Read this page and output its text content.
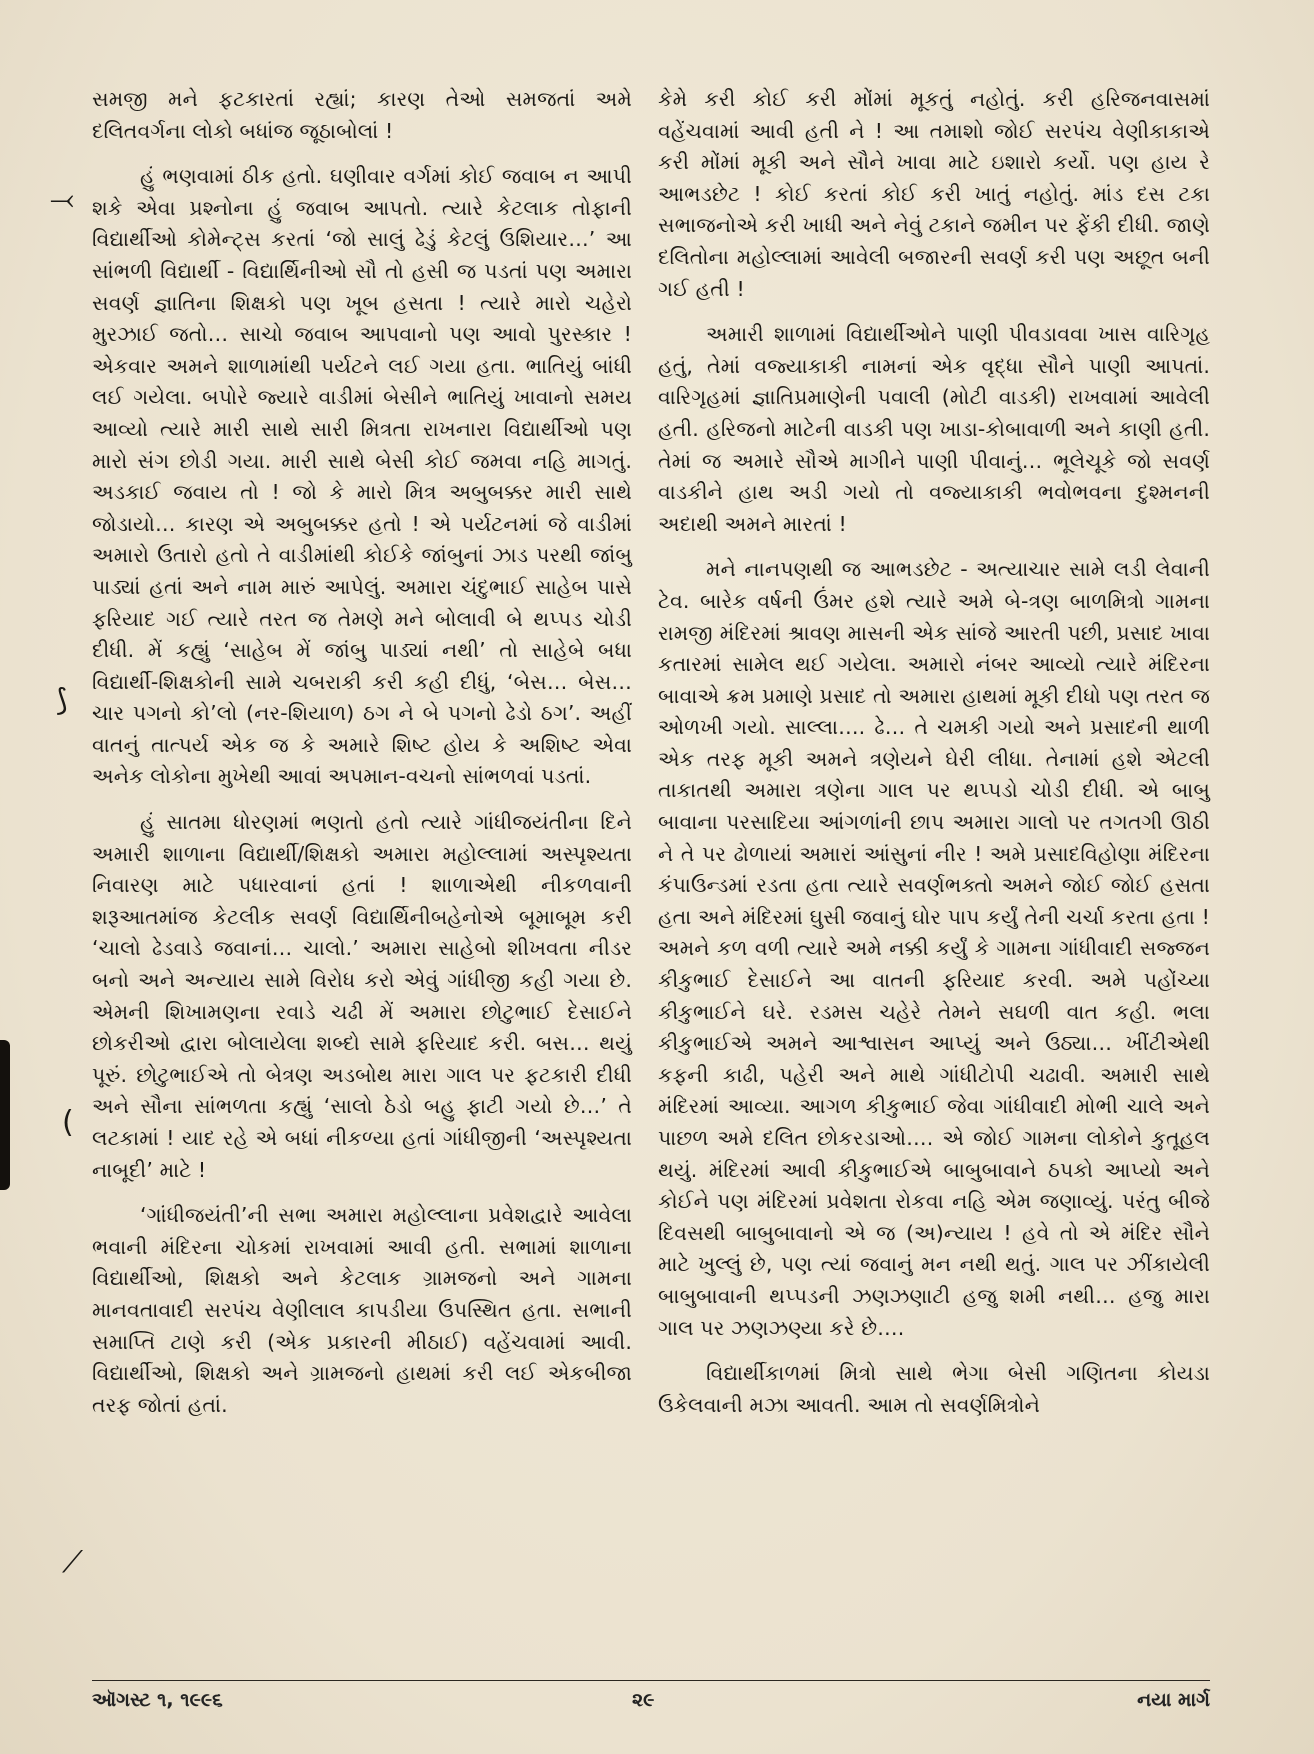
⤙
⟆
(
⟋

સમજી મને ફટકારતાં રહ્યાં; કારણ તેઓ સમજતાં અમે દલિતવર્ગના લોકો બધાંજ જૂઠાબોલાં !

હું ભણવામાં ઠીક હતો. ઘણીવાર વર્ગમાં કોઈ જવાબ ન આપી શકે એવા પ્રશ્નોના હું જવાબ આપતો. ત્યારે કેટલાક તોફાની વિદ્યાર્થીઓ કોમેન્ટ્સ કરતાં ‘જો સાલું ઢેડું કેટલું ઉશિયાર…’ આ સાંભળી વિદ્યાર્થી - વિદ્યાર્થિનીઓ સૌ તો હસી જ પડતાં પણ અમારા સવર્ણ જ્ઞાતિના શિક્ષકો પણ ખૂબ હસતા ! ત્યારે મારો ચહેરો મુરઝાઈ જતો… સાચો જવાબ આપવાનો પણ આવો પુરસ્કાર ! એકવાર અમને શાળામાંથી પર્યટને લઈ ગયા હતા. ભાતિયું બાંધી લઈ ગયેલા. બપોરે જ્યારે વાડીમાં બેસીને ભાતિયું ખાવાનો સમય આવ્યો ત્યારે મારી સાથે સારી મિત્રતા રાખનારા વિદ્યાર્થીઓ પણ મારો સંગ છોડી ગયા. મારી સાથે બેસી કોઈ જમવા નહિ માગતું. અડકાઈ જવાય તો ! જો કે મારો મિત્ર અબુબક્કર મારી સાથે જોડાયો… કારણ એ અબુબક્કર હતો ! એ પર્યટનમાં જે વાડીમાં અમારો ઉતારો હતો તે વાડીમાંથી કોઈકે જાંબુનાં ઝાડ પરથી જાંબુ પાડ્યાં હતાં અને નામ મારું આપેલું. અમારા ચંદુભાઈ સાહેબ પાસે ફરિયાદ ગઈ ત્યારે તરત જ તેમણે મને બોલાવી બે થપ્પડ ચોડી દીધી. મેં કહ્યું ‘સાહેબ મેં જાંબુ પાડ્યાં નથી’ તો સાહેબે બધા વિદ્યાર્થી-શિક્ષકોની સામે ચબરાકી કરી કહી દીધું, ‘બેસ… બેસ… ચાર પગનો કો’લો (નર-શિયાળ) ઠગ ને બે પગનો ઢેડો ઠગ’. અહીં વાતનું તાત્પર્ય એક જ કે અમારે શિષ્ટ હોય કે અશિષ્ટ એવા અનેક લોકોના મુખેથી આવાં અપમાન-વચનો સાંભળવાં પડતાં.

હું સાતમા ધોરણમાં ભણતો હતો ત્યારે ગાંધીજયંતીના દિને અમારી શાળાના વિદ્યાર્થી/શિક્ષકો અમારા મહોલ્લામાં અસ્પૃશ્યતા નિવારણ માટે પધારવાનાં હતાં ! શાળાએથી નીકળવાની શરૂઆતમાંજ કેટલીક સવર્ણ વિદ્યાર્થિનીબહેનોએ બૂમાબૂમ કરી ‘ચાલો ઢેડવાડે જવાનાં… ચાલો.’ અમારા સાહેબો શીખવતા નીડર બનો અને અન્યાય સામે વિરોધ કરો એવું ગાંધીજી કહી ગયા છે. એમની શિખામણના રવાડે ચઢી મેં અમારા છોટુભાઈ દેસાઈને છોકરીઓ દ્વારા બોલાયેલા શબ્દો સામે ફરિયાદ કરી. બસ… થયું પૂરું. છોટુભાઈએ તો બેત્રણ અડબોથ મારા ગાલ પર ફટકારી દીધી અને સૌના સાંભળતા કહ્યું ‘સાલો ઠેડો બહુ ફાટી ગયો છે…’ તે લટકામાં ! યાદ રહે એ બધાં નીકળ્યા હતાં ગાંધીજીની ‘અસ્પૃશ્યતા નાબૂદી’ માટે !

‘ગાંધીજયંતી’ની સભા અમારા મહોલ્લાના પ્રવેશદ્વારે આવેલા ભવાની મંદિરના ચોકમાં રાખવામાં આવી હતી. સભામાં શાળાના વિદ્યાર્થીઓ, શિક્ષકો અને કેટલાક ગ્રામજનો અને ગામના માનવતાવાદી સરપંચ વેણીલાલ કાપડીયા ઉપસ્થિત હતા. સભાની સમાપ્તિ ટાણે કરી (એક પ્રકારની મીઠાઈ) વહેંચવામાં આવી. વિદ્યાર્થીઓ, શિક્ષકો અને ગ્રામજનો હાથમાં કરી લઈ એકબીજા તરફ જોતાં હતાં.

કેમે કરી કોઈ કરી મોંમાં મૂકતું નહોતું. કરી હરિજનવાસમાં વહેંચવામાં આવી હતી ને ! આ તમાશો જોઈ સરપંચ વેણીકાકાએ કરી મોંમાં મૂકી અને સૌને ખાવા માટે ઇશારો કર્યો. પણ હાય રે આભડછેટ ! કોઈ કરતાં કોઈ કરી ખાતું નહોતું. માંડ દસ ટકા સભાજનોએ કરી ખાધી અને નેવું ટકાને જમીન પર ફેંકી દીધી. જાણે દલિતોના મહોલ્લામાં આવેલી બજારની સવર્ણ કરી પણ અછૂત બની ગઈ હતી !

અમારી શાળામાં વિદ્યાર્થીઓને પાણી પીવડાવવા ખાસ વારિગૃહ હતું, તેમાં વજ્યાકાકી નામનાં એક વૃદ્ધા સૌને પાણી આપતાં. વારિગૃહમાં જ્ઞાતિપ્રમાણેની પવાલી (મોટી વાડકી) રાખવામાં આવેલી હતી. હરિજનો માટેની વાડકી પણ ખાડા-કોબાવાળી અને કાણી હતી. તેમાં જ અમારે સૌએ માગીને પાણી પીવાનું… ભૂલેચૂકે જો સવર્ણ વાડકીને હાથ અડી ગયો તો વજ્યાકાકી ભવોભવના દુશ્મનની અદાથી અમને મારતાં !

મને નાનપણથી જ આભડછેટ - અત્યાચાર સામે લડી લેવાની ટેવ. બારેક વર્ષની ઉંમર હશે ત્યારે અમે બે-ત્રણ બાળમિત્રો ગામના રામજી મંદિરમાં શ્રાવણ માસની એક સાંજે આરતી પછી, પ્રસાદ ખાવા કતારમાં સામેલ થઈ ગયેલા. અમારો નંબર આવ્યો ત્યારે મંદિરના બાવાએ ક્રમ પ્રમાણે પ્રસાદ તો અમારા હાથમાં મૂકી દીધો પણ તરત જ ઓળખી ગયો. સાલ્લા…. ઢે… તે ચમકી ગયો અને પ્રસાદની થાળી એક તરફ મૂકી અમને ત્રણેયને ઘેરી લીધા. તેનામાં હશે એટલી તાકાતથી અમારા ત્રણેના ગાલ પર થપ્પડો ચોડી દીધી. એ બાબુ બાવાના પરસાદિયા આંગળાંની છાપ અમારા ગાલો પર તગતગી ઊઠી ને તે પર ઢોળાયાં અમારાં આંસુનાં નીર ! અમે પ્રસાદવિહોણા મંદિરના કંપાઉન્ડમાં રડતા હતા ત્યારે સવર્ણભક્તો અમને જોઈ જોઈ હસતા હતા અને મંદિરમાં ઘુસી જવાનું ઘોર પાપ કર્યું તેની ચર્ચા કરતા હતા ! અમને કળ વળી ત્યારે અમે નક્કી કર્યું કે ગામના ગાંધીવાદી સજ્જન કીકુભાઈ દેસાઈને આ વાતની ફરિયાદ કરવી. અમે પહોંચ્યા કીકુભાઈને ઘરે. રડમસ ચહેરે તેમને સઘળી વાત કહી. ભલા કીકુભાઈએ અમને આશ્વાસન આપ્યું અને ઉઠ્યા… ખીંટીએથી કફની કાઢી, પહેરી અને માથે ગાંધીટોપી ચઢાવી. અમારી સાથે મંદિરમાં આવ્યા. આગળ કીકુભાઈ જેવા ગાંધીવાદી મોભી ચાલે અને પાછળ અમે દલિત છોકરડાઓ…. એ જોઈ ગામના લોકોને કુતૂહલ થયું. મંદિરમાં આવી કીકુભાઈએ બાબુબાવાને ઠપકો આપ્યો અને કોઈને પણ મંદિરમાં પ્રવેશતા રોકવા નહિ એમ જણાવ્યું. પરંતુ બીજે દિવસથી બાબુબાવાનો એ જ (અ)ન્યાય ! હવે તો એ મંદિર સૌને માટે ખુલ્લું છે, પણ ત્યાં જવાનું મન નથી થતું. ગાલ પર ઝીંકાયેલી બાબુબાવાની થપ્પડની ઝણઝણાટી હજુ શમી નથી… હજુ મારા ગાલ પર ઝણઝણ્યા કરે છે….

વિદ્યાર્થીકાળમાં મિત્રો સાથે ભેગા બેસી ગણિતના કોયડા ઉકેલવાની મઝા આવતી. આમ તો સવર્ણમિત્રોને

ઑગસ્ટ ૧, ૧૯૯૬	૨૯	નયા માર્ગ
